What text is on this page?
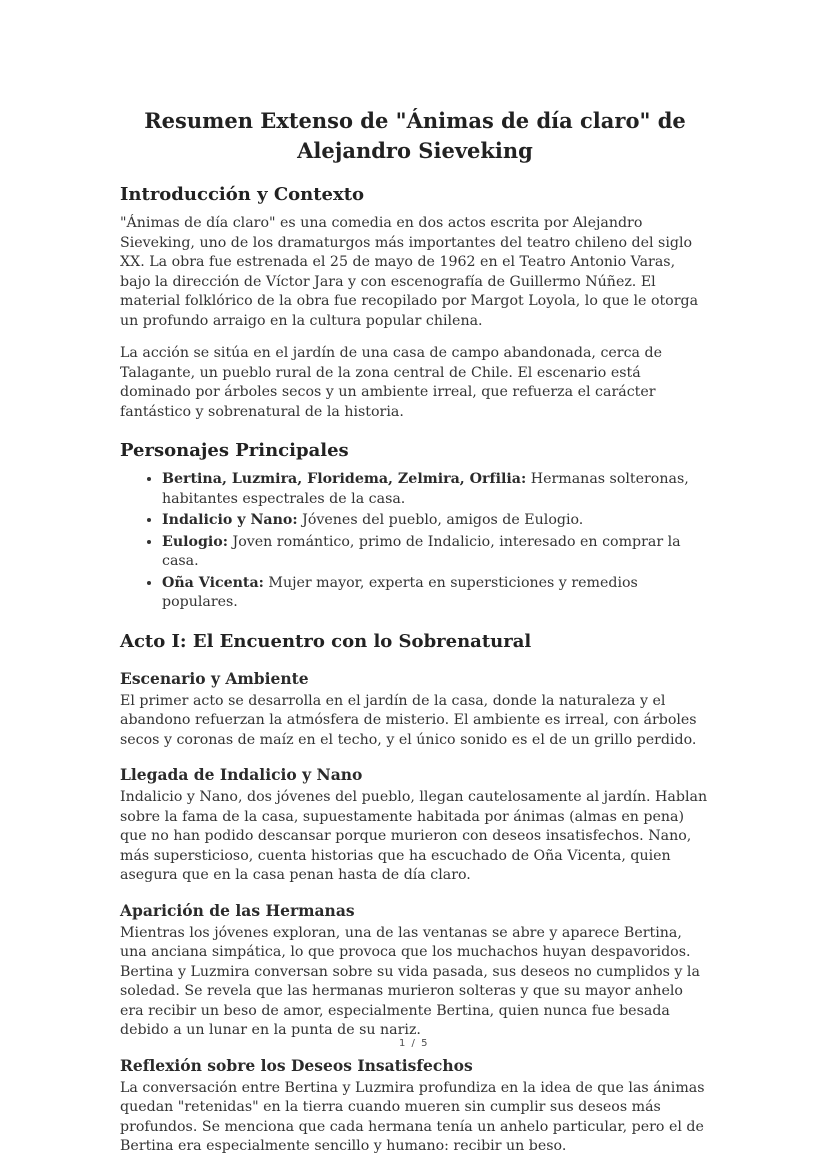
Resumen Extenso de "Ánimas de día claro" de Alejandro Sieveking
Introducción y Contexto

"Ánimas de día claro" es una comedia en dos actos escrita por Alejandro Sieveking, uno de los dramaturgos más importantes del teatro chileno del siglo XX. La obra fue estrenada el 25 de mayo de 1962 en el Teatro Antonio Varas, bajo la dirección de Víctor Jara y con escenografía de Guillermo Núñez. El material folklórico de la obra fue recopilado por Margot Loyola, lo que le otorga un profundo arraigo en la cultura popular chilena.

La acción se sitúa en el jardín de una casa de campo abandonada, cerca de Talagante, un pueblo rural de la zona central de Chile. El escenario está dominado por árboles secos y un ambiente irreal, que refuerza el carácter fantástico y sobrenatural de la historia.

Personajes Principales
• Bertina, Luzmira, Floridema, Zelmira, Orfilia: Hermanas solteronas, habitantes espectrales de la casa.
• Indalicio y Nano: Jóvenes del pueblo, amigos de Eulogio.
• Eulogio: Joven romántico, primo de Indalicio, interesado en comprar la casa.
• Oña Vicenta: Mujer mayor, experta en supersticiones y remedios populares.
Acto I: El Encuentro con lo Sobrenatural
Escenario y Ambiente

El primer acto se desarrolla en el jardín de la casa, donde la naturaleza y el abandono refuerzan la atmósfera de misterio. El ambiente es irreal, con árboles secos y coronas de maíz en el techo, y el único sonido es el de un grillo perdido.

Llegada de Indalicio y Nano

Indalicio y Nano, dos jóvenes del pueblo, llegan cautelosamente al jardín. Hablan sobre la fama de la casa, supuestamente habitada por ánimas (almas en pena) que no han podido descansar porque murieron con deseos insatisfechos. Nano, más supersticioso, cuenta historias que ha escuchado de Oña Vicenta, quien asegura que en la casa penan hasta de día claro.

Aparición de las Hermanas

Mientras los jóvenes exploran, una de las ventanas se abre y aparece Bertina, una anciana simpática, lo que provoca que los muchachos huyan despavoridos. Bertina y Luzmira conversan sobre su vida pasada, sus deseos no cumplidos y la soledad. Se revela que las hermanas murieron solteras y que su mayor anhelo era recibir un beso de amor, especialmente Bertina, quien nunca fue besada debido a un lunar en la punta de su nariz.

Reflexión sobre los Deseos Insatisfechos

La conversación entre Bertina y Luzmira profundiza en la idea de que las ánimas quedan "retenidas" en la tierra cuando mueren sin cumplir sus deseos más profundos. Se menciona que cada hermana tenía un anhelo particular, pero el de Bertina era especialmente sencillo y humano: recibir un beso.

1 / 5
